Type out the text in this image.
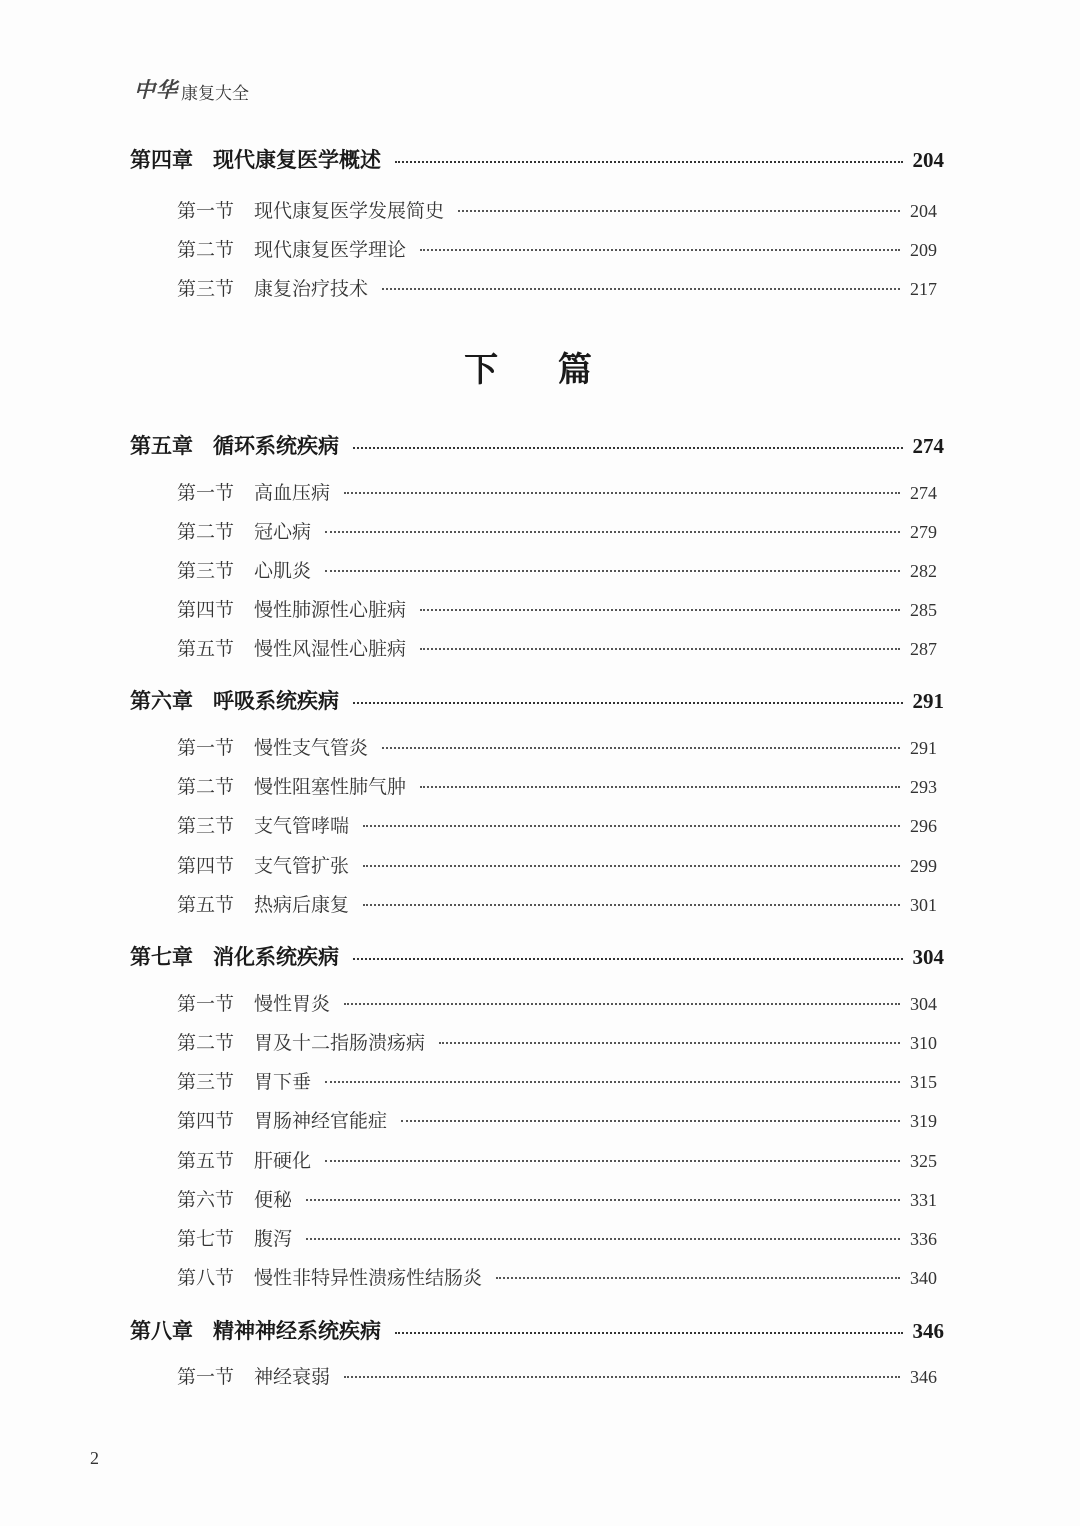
中华 康复大全
第四章 现代康复医学概述	204
第一节 现代康复医学发展简史	204
第二节 现代康复医学理论	209
第三节 康复治疗技术	217
下 篇
第五章 循环系统疾病	274
第一节 高血压病	274
第二节 冠心病	279
第三节 心肌炎	282
第四节 慢性肺源性心脏病	285
第五节 慢性风湿性心脏病	287
第六章 呼吸系统疾病	291
第一节 慢性支气管炎	291
第二节 慢性阻塞性肺气肿	293
第三节 支气管哮喘	296
第四节 支气管扩张	299
第五节 热病后康复	301
第七章 消化系统疾病	304
第一节 慢性胃炎	304
第二节 胃及十二指肠溃疡病	310
第三节 胃下垂	315
第四节 胃肠神经官能症	319
第五节 肝硬化	325
第六节 便秘	331
第七节 腹泻	336
第八节 慢性非特异性溃疡性结肠炎	340
第八章 精神神经系统疾病	346
第一节 神经衰弱	346
2
